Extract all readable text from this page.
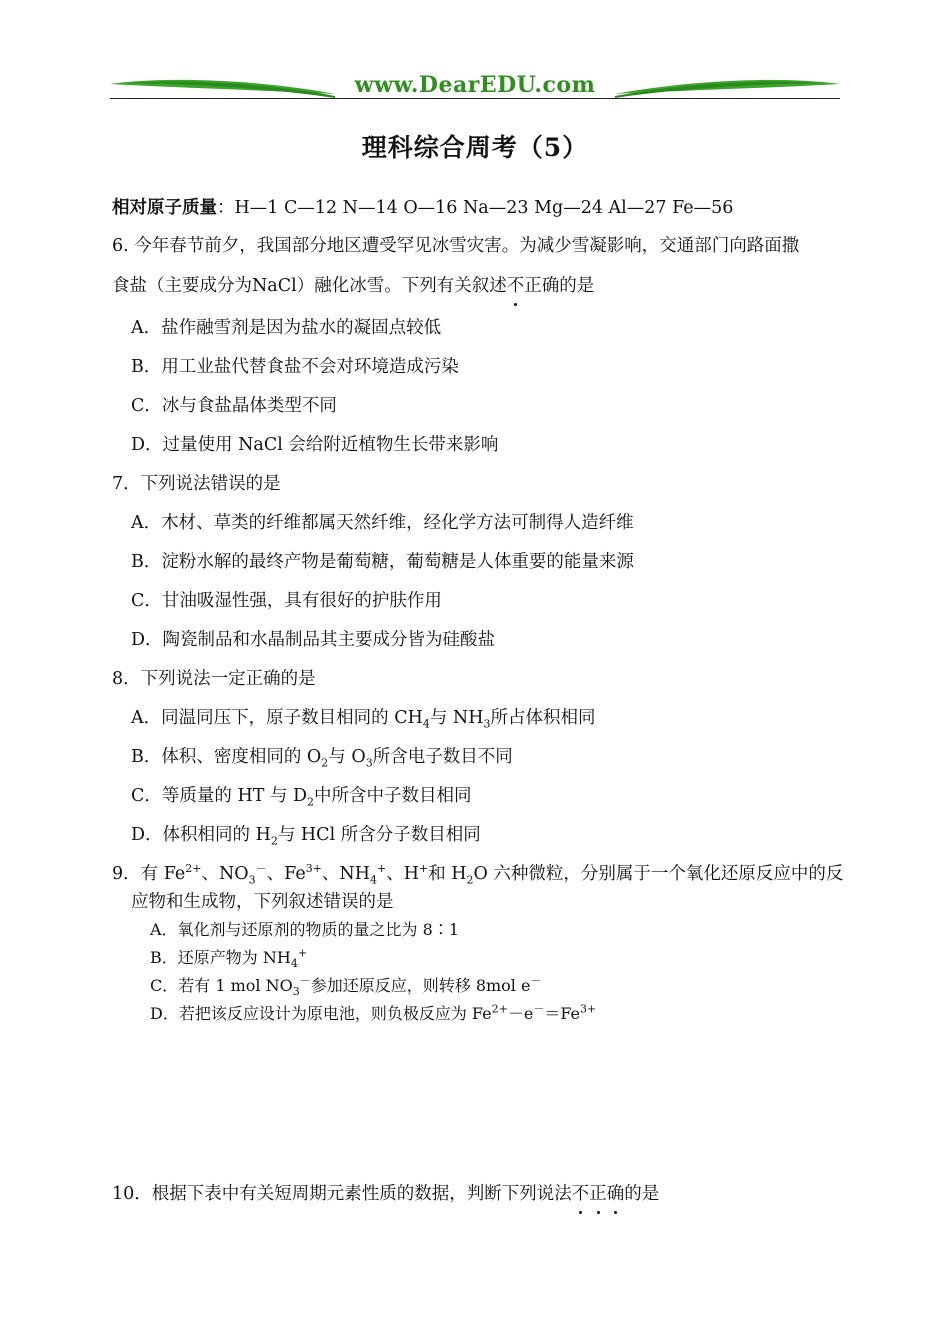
www.DearEDU.com
理科综合周考（5）
相对原子质量：H—1 C—12 N—14 O—16 Na—23 Mg—24 Al—27 Fe—56
6. 今年春节前夕，我国部分地区遭受罕见冰雪灾害。为减少雪凝影响，交通部门向路面撒
食盐（主要成分为NaCl）融化冰雪。下列有关叙述不
正确的是
A．盐作融雪剂是因为盐水的凝固点较低
B．用工业盐代替食盐不会对环境造成污染
C．冰与食盐晶体类型不同
D．过量使用 NaCl 会给附近植物生长带来影响
7．下列说法错误的是
A．木材、草类的纤维都属天然纤维，经化学方法可制得人造纤维
B．淀粉水解的最终产物是葡萄糖，葡萄糖是人体重要的能量来源
C．甘油吸湿性强，具有很好的护肤作用
D．陶瓷制品和水晶制品其主要成分皆为硅酸盐
8．下列说法一定正确的是
A．同温同压下，原子数目相同的 $CH_4$与 $NH_3$所占体积相同
B．体积、密度相同的 $O_2$与 $O_3$所含电子数目不同
C．等质量的 HT 与 $D_2$中所含中子数目相同
D．体积相同的 $H_2$与 HCl 所含分子数目相同
9．有 $Fe^{2+}$、$NO_3^-$、$Fe^{3+}$、$NH_4^+$、H+和 $H_2O$ 六种微粒，分别属于一个氧化还原反应中的反
应物和生成物，下列叙述错误的是
A．氧化剂与还原剂的物质的量之比为 8∶1
B．还原产物为 $NH_4^+$
C．若有 1 mol $NO_3^-$参加还原反应，则转移 8mol e－
D．若把该反应设计为原电池，则负极反应为 $Fe^{2+}-e^-=Fe^{3+}$
10．根据下表中有关短周期元素性质的数据，判断下列说法不
正
确
的是
